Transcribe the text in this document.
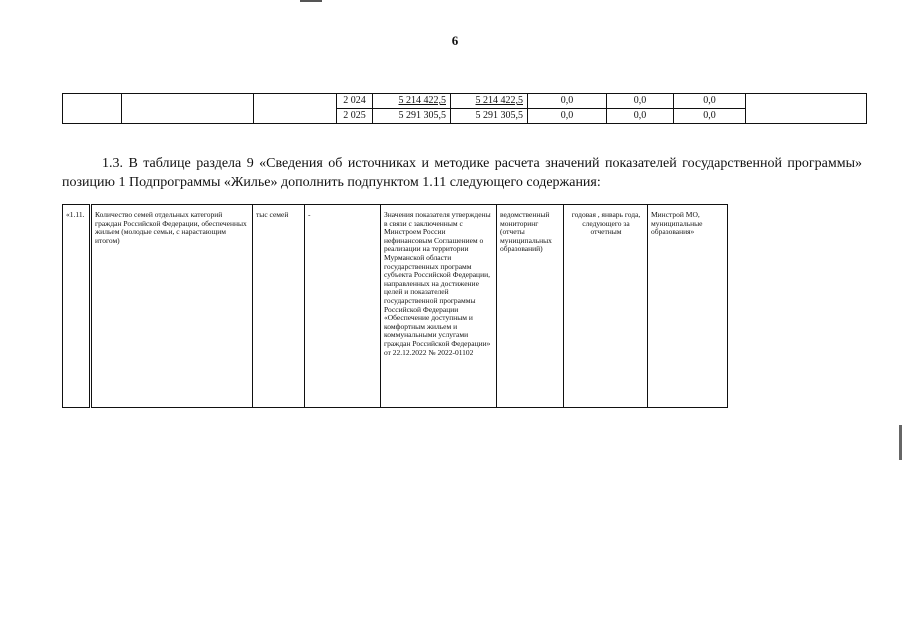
6
			2 024	5 214 422,5	5 214 422,5	0,0	0,0	0,0	
			2 025	5 291 305,5	5 291 305,5	0,0	0,0	0,0	
1.3. В таблице раздела 9 «Сведения об источниках и методике расчета значений показателей государственной программы» позицию 1 Подпрограммы «Жилье» дополнить подпунктом 1.11 следующего содержания:
«1.11.	Количество семей отдельных категорий граждан Российской Федерации, обеспеченных жильем (молодые семьи, с нарастающим итогом)	тыс семей	-	Значения показателя утверждены в связи с заключенным с Минстроем России нефинансовым Соглашением о реализации на территории Мурманской области государственных программ субъекта Российской Федерации, направленных на достижение целей и показателей государственной программы Российской Федерации «Обеспечение доступным и комфортным жильем и коммунальными услугами граждан Российской Федерации» от 22.12.2022 № 2022-01102	ведомственный мониторинг (отчеты муниципальных образований)	годовая , январь года, следующего за отчетным	Минстрой МО, муниципальные образования»
